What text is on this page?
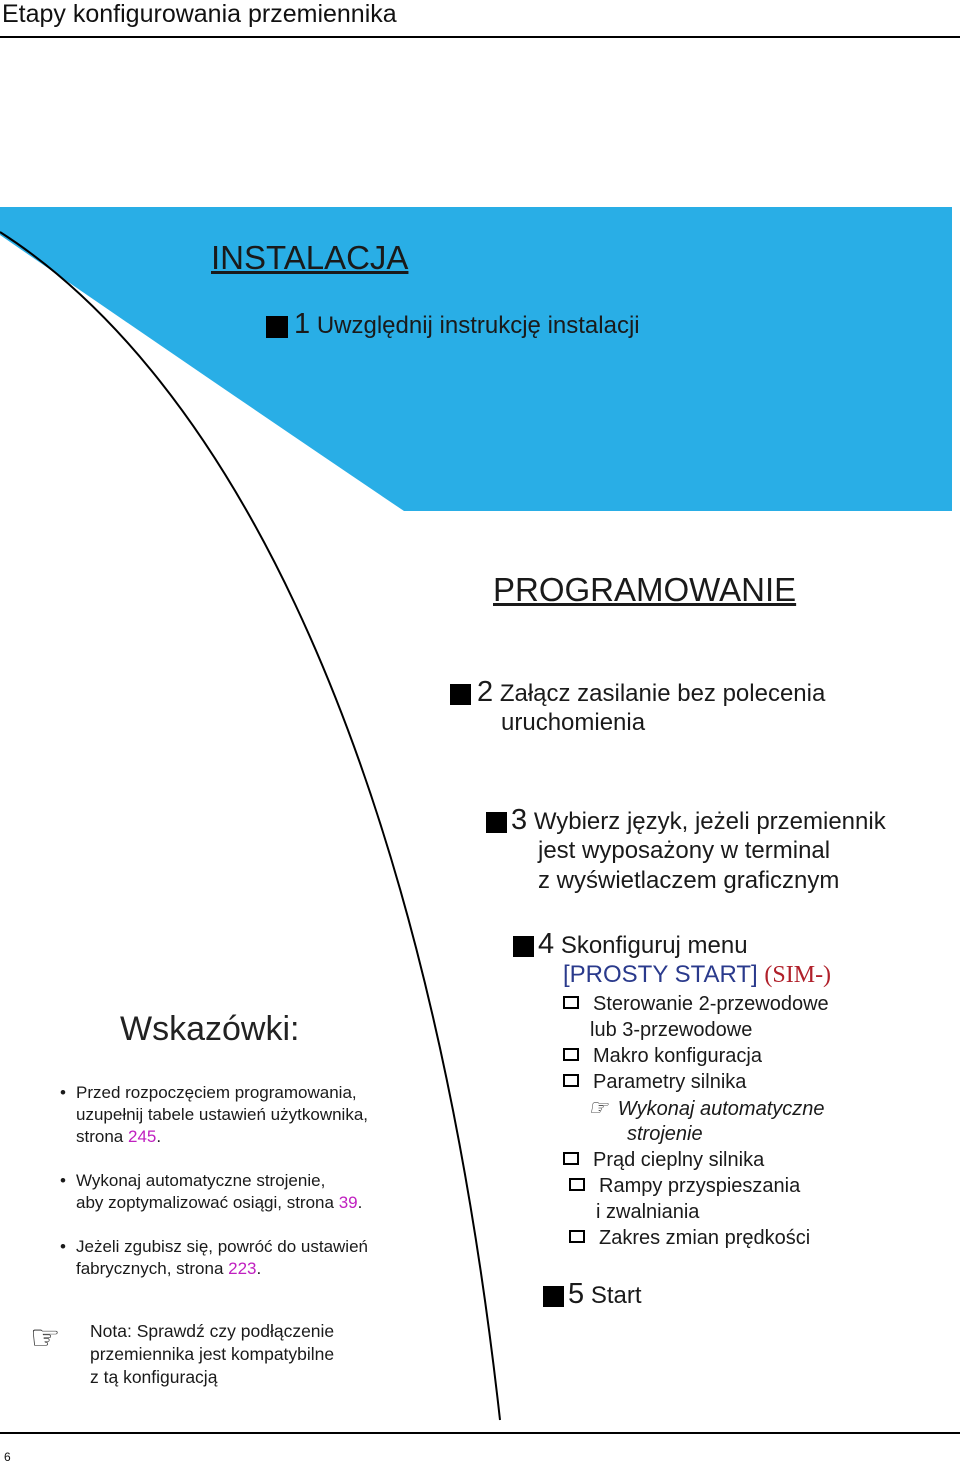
Etapy konfigurowania przemiennika
INSTALACJA
1 Uwzględnij instrukcję instalacji
PROGRAMOWANIE
2 Załącz zasilanie bez polecenia
uruchomienia
3 Wybierz język, jeżeli przemiennik
jest wyposażony w terminal
z wyświetlaczem graficznym
4 Skonfiguruj menu
[PROSTY START] (SIM-)
Sterowanie 2-przewodowe
lub 3-przewodowe
Makro konfiguracja
Parametry silnika
☞ Wykonaj automatyczne
strojenie
Prąd cieplny silnika
Rampy przyspieszania
i zwalniania
Zakres zmian prędkości
5 Start
Wskazówki:
• Przed rozpoczęciem programowania,
uzupełnij tabele ustawień użytkownika,
strona 245.
• Wykonaj automatyczne strojenie,
aby zoptymalizować osiągi, strona 39.
• Jeżeli zgubisz się, powróć do ustawień
fabrycznych, strona 223.
☞ Nota: Sprawdź czy podłączenie
przemiennika jest kompatybilne
z tą konfiguracją
6
